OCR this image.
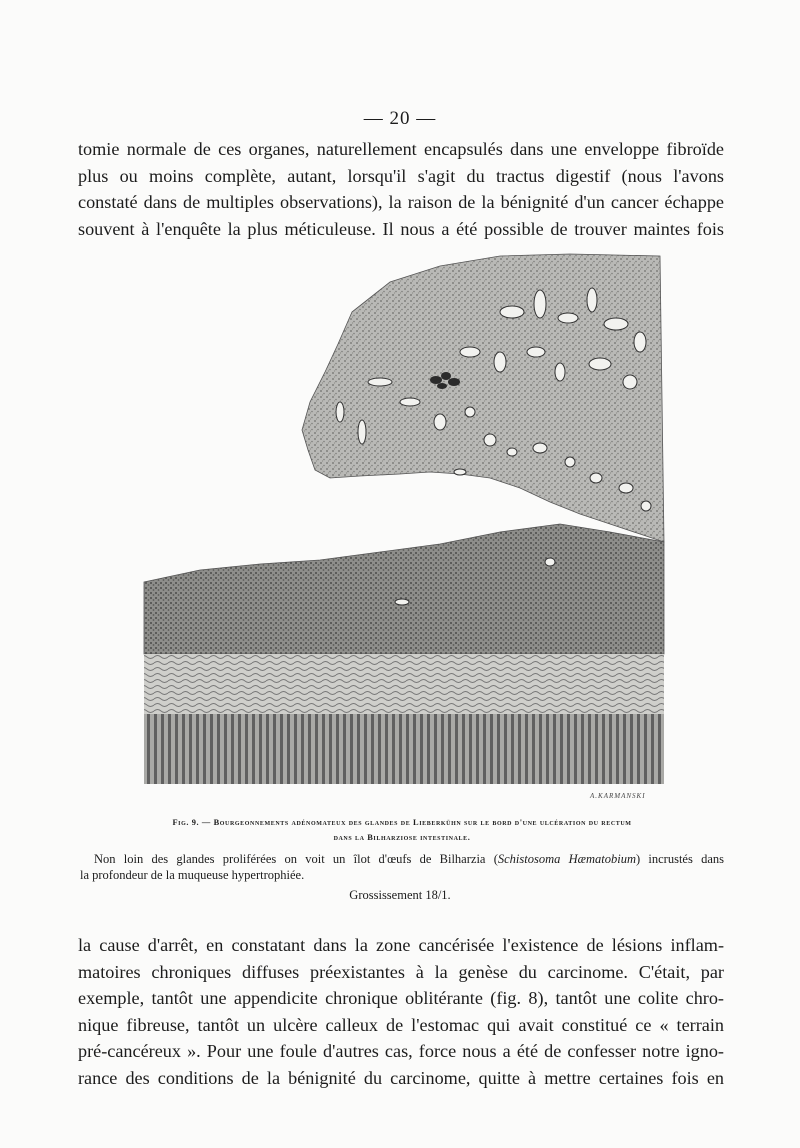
— 20 —
tomie normale de ces organes, naturellement encapsulés dans une enveloppe fibroïde
plus ou moins complète, autant, lorsqu'il s'agit du tractus digestif (nous l'avons
constaté dans de multiples observations), la raison de la bénignité d'un cancer échappe
souvent à l'enquête la plus méticuleuse. Il nous a été possible de trouver maintes fois
A.KARMANSKI
Fig. 9. — Bourgeonnements adénomateux des glandes de Lieberkühn sur le bord d'une ulcération du rectum
dans la Bilharziose intestinale.
Non loin des glandes proliférées on voit un îlot d'œufs de Bilharzia (Schistosoma Hæmatobium) incrustés dans
la profondeur de la muqueuse hypertrophiée.
Grossissement 18/1.
la cause d'arrêt, en constatant dans la zone cancérisée l'existence de lésions inflam-
matoires chroniques diffuses préexistantes à la genèse du carcinome. C'était, par
exemple, tantôt une appendicite chronique oblitérante (fig. 8), tantôt une colite chro-
nique fibreuse, tantôt un ulcère calleux de l'estomac qui avait constitué ce « terrain
pré-cancéreux ». Pour une foule d'autres cas, force nous a été de confesser notre igno-
rance des conditions de la bénignité du carcinome, quitte à mettre certaines fois en
